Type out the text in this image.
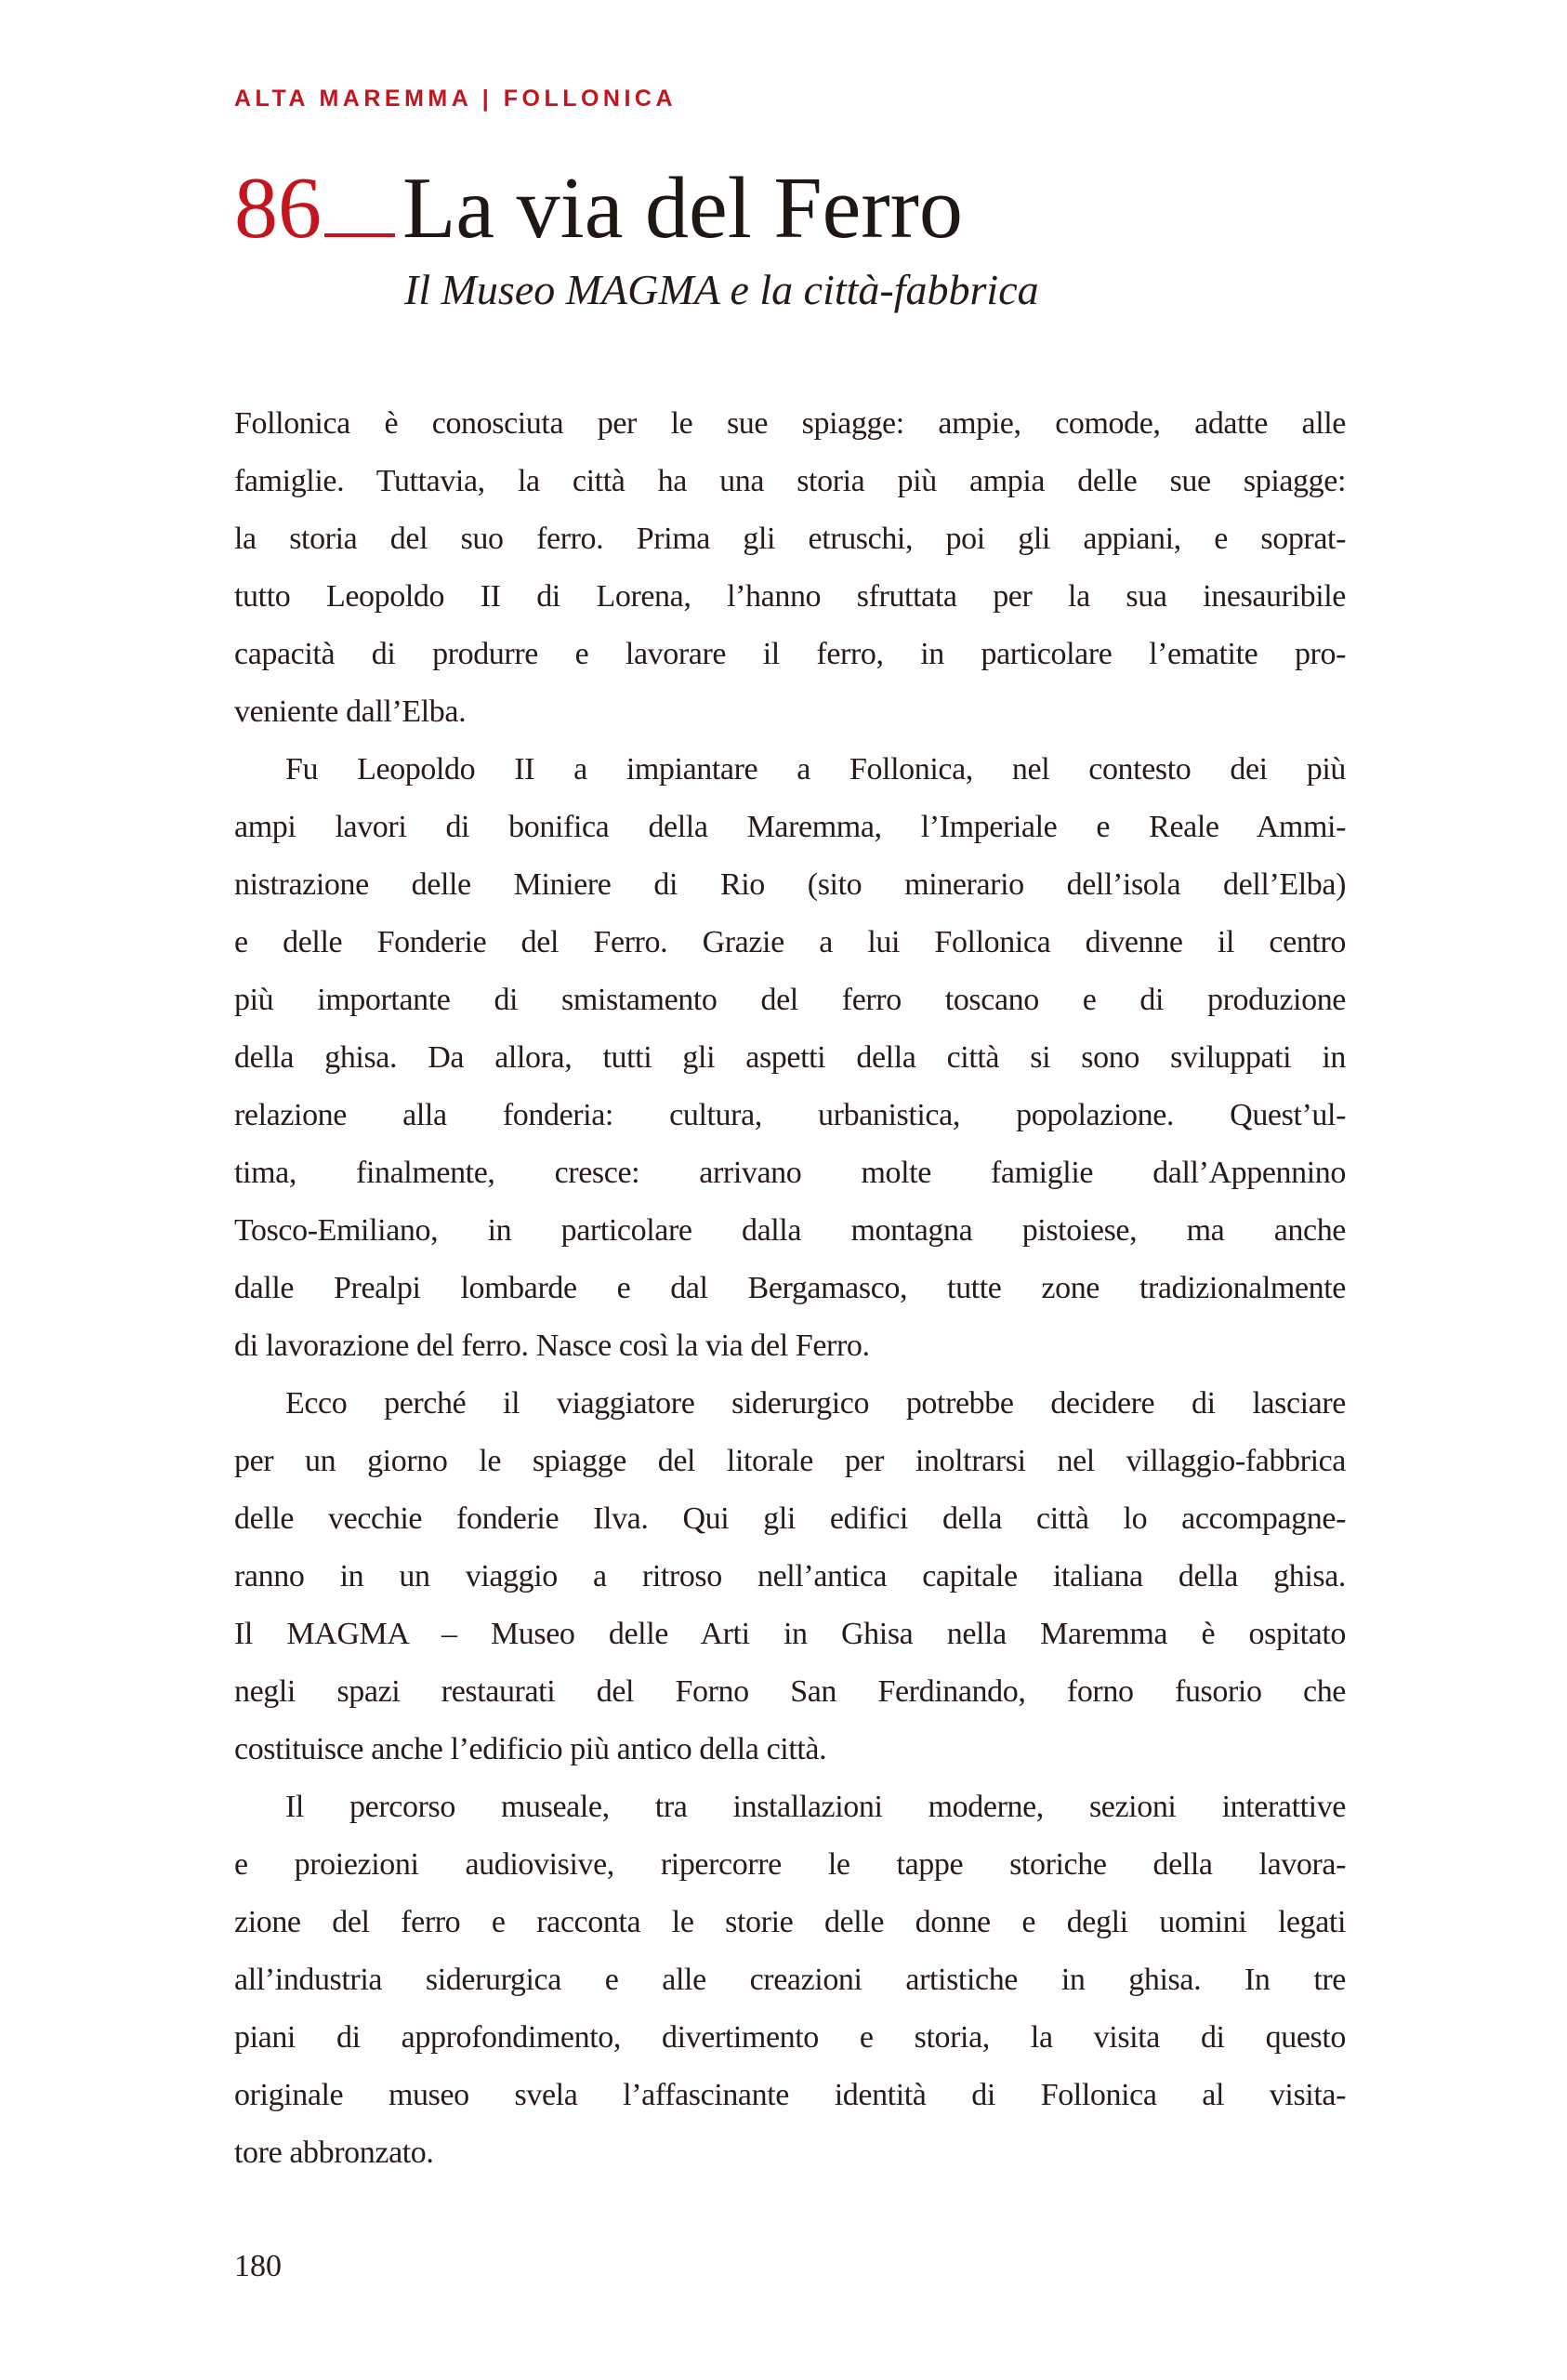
ALTA MAREMMA | FOLLONICA
86 La via del Ferro
Il Museo MAGMA e la città-fabbrica
Follonica è conosciuta per le sue spiagge: ampie, comode, adatte alle
famiglie. Tuttavia, la città ha una storia più ampia delle sue spiagge:
la storia del suo ferro. Prima gli etruschi, poi gli appiani, e soprat-
tutto Leopoldo II di Lorena, l’hanno sfruttata per la sua inesauribile
capacità di produrre e lavorare il ferro, in particolare l’ematite pro-
veniente dall’Elba.
Fu Leopoldo II a impiantare a Follonica, nel contesto dei più
ampi lavori di bonifica della Maremma, l’Imperiale e Reale Ammi-
nistrazione delle Miniere di Rio (sito minerario dell’isola dell’Elba)
e delle Fonderie del Ferro. Grazie a lui Follonica divenne il centro
più importante di smistamento del ferro toscano e di produzione
della ghisa. Da allora, tutti gli aspetti della città si sono sviluppati in
relazione alla fonderia: cultura, urbanistica, popolazione. Quest’ul-
tima, finalmente, cresce: arrivano molte famiglie dall’Appennino
Tosco-Emiliano, in particolare dalla montagna pistoiese, ma anche
dalle Prealpi lombarde e dal Bergamasco, tutte zone tradizionalmente
di lavorazione del ferro. Nasce così la via del Ferro.
Ecco perché il viaggiatore siderurgico potrebbe decidere di lasciare
per un giorno le spiagge del litorale per inoltrarsi nel villaggio-fabbrica
delle vecchie fonderie Ilva. Qui gli edifici della città lo accompagne-
ranno in un viaggio a ritroso nell’antica capitale italiana della ghisa.
Il MAGMA – Museo delle Arti in Ghisa nella Maremma è ospitato
negli spazi restaurati del Forno San Ferdinando, forno fusorio che
costituisce anche l’edificio più antico della città.
Il percorso museale, tra installazioni moderne, sezioni interattive
e proiezioni audiovisive, ripercorre le tappe storiche della lavora-
zione del ferro e racconta le storie delle donne e degli uomini legati
all’industria siderurgica e alle creazioni artistiche in ghisa. In tre
piani di approfondimento, divertimento e storia, la visita di questo
originale museo svela l’affascinante identità di Follonica al visita-
tore abbronzato.
180
